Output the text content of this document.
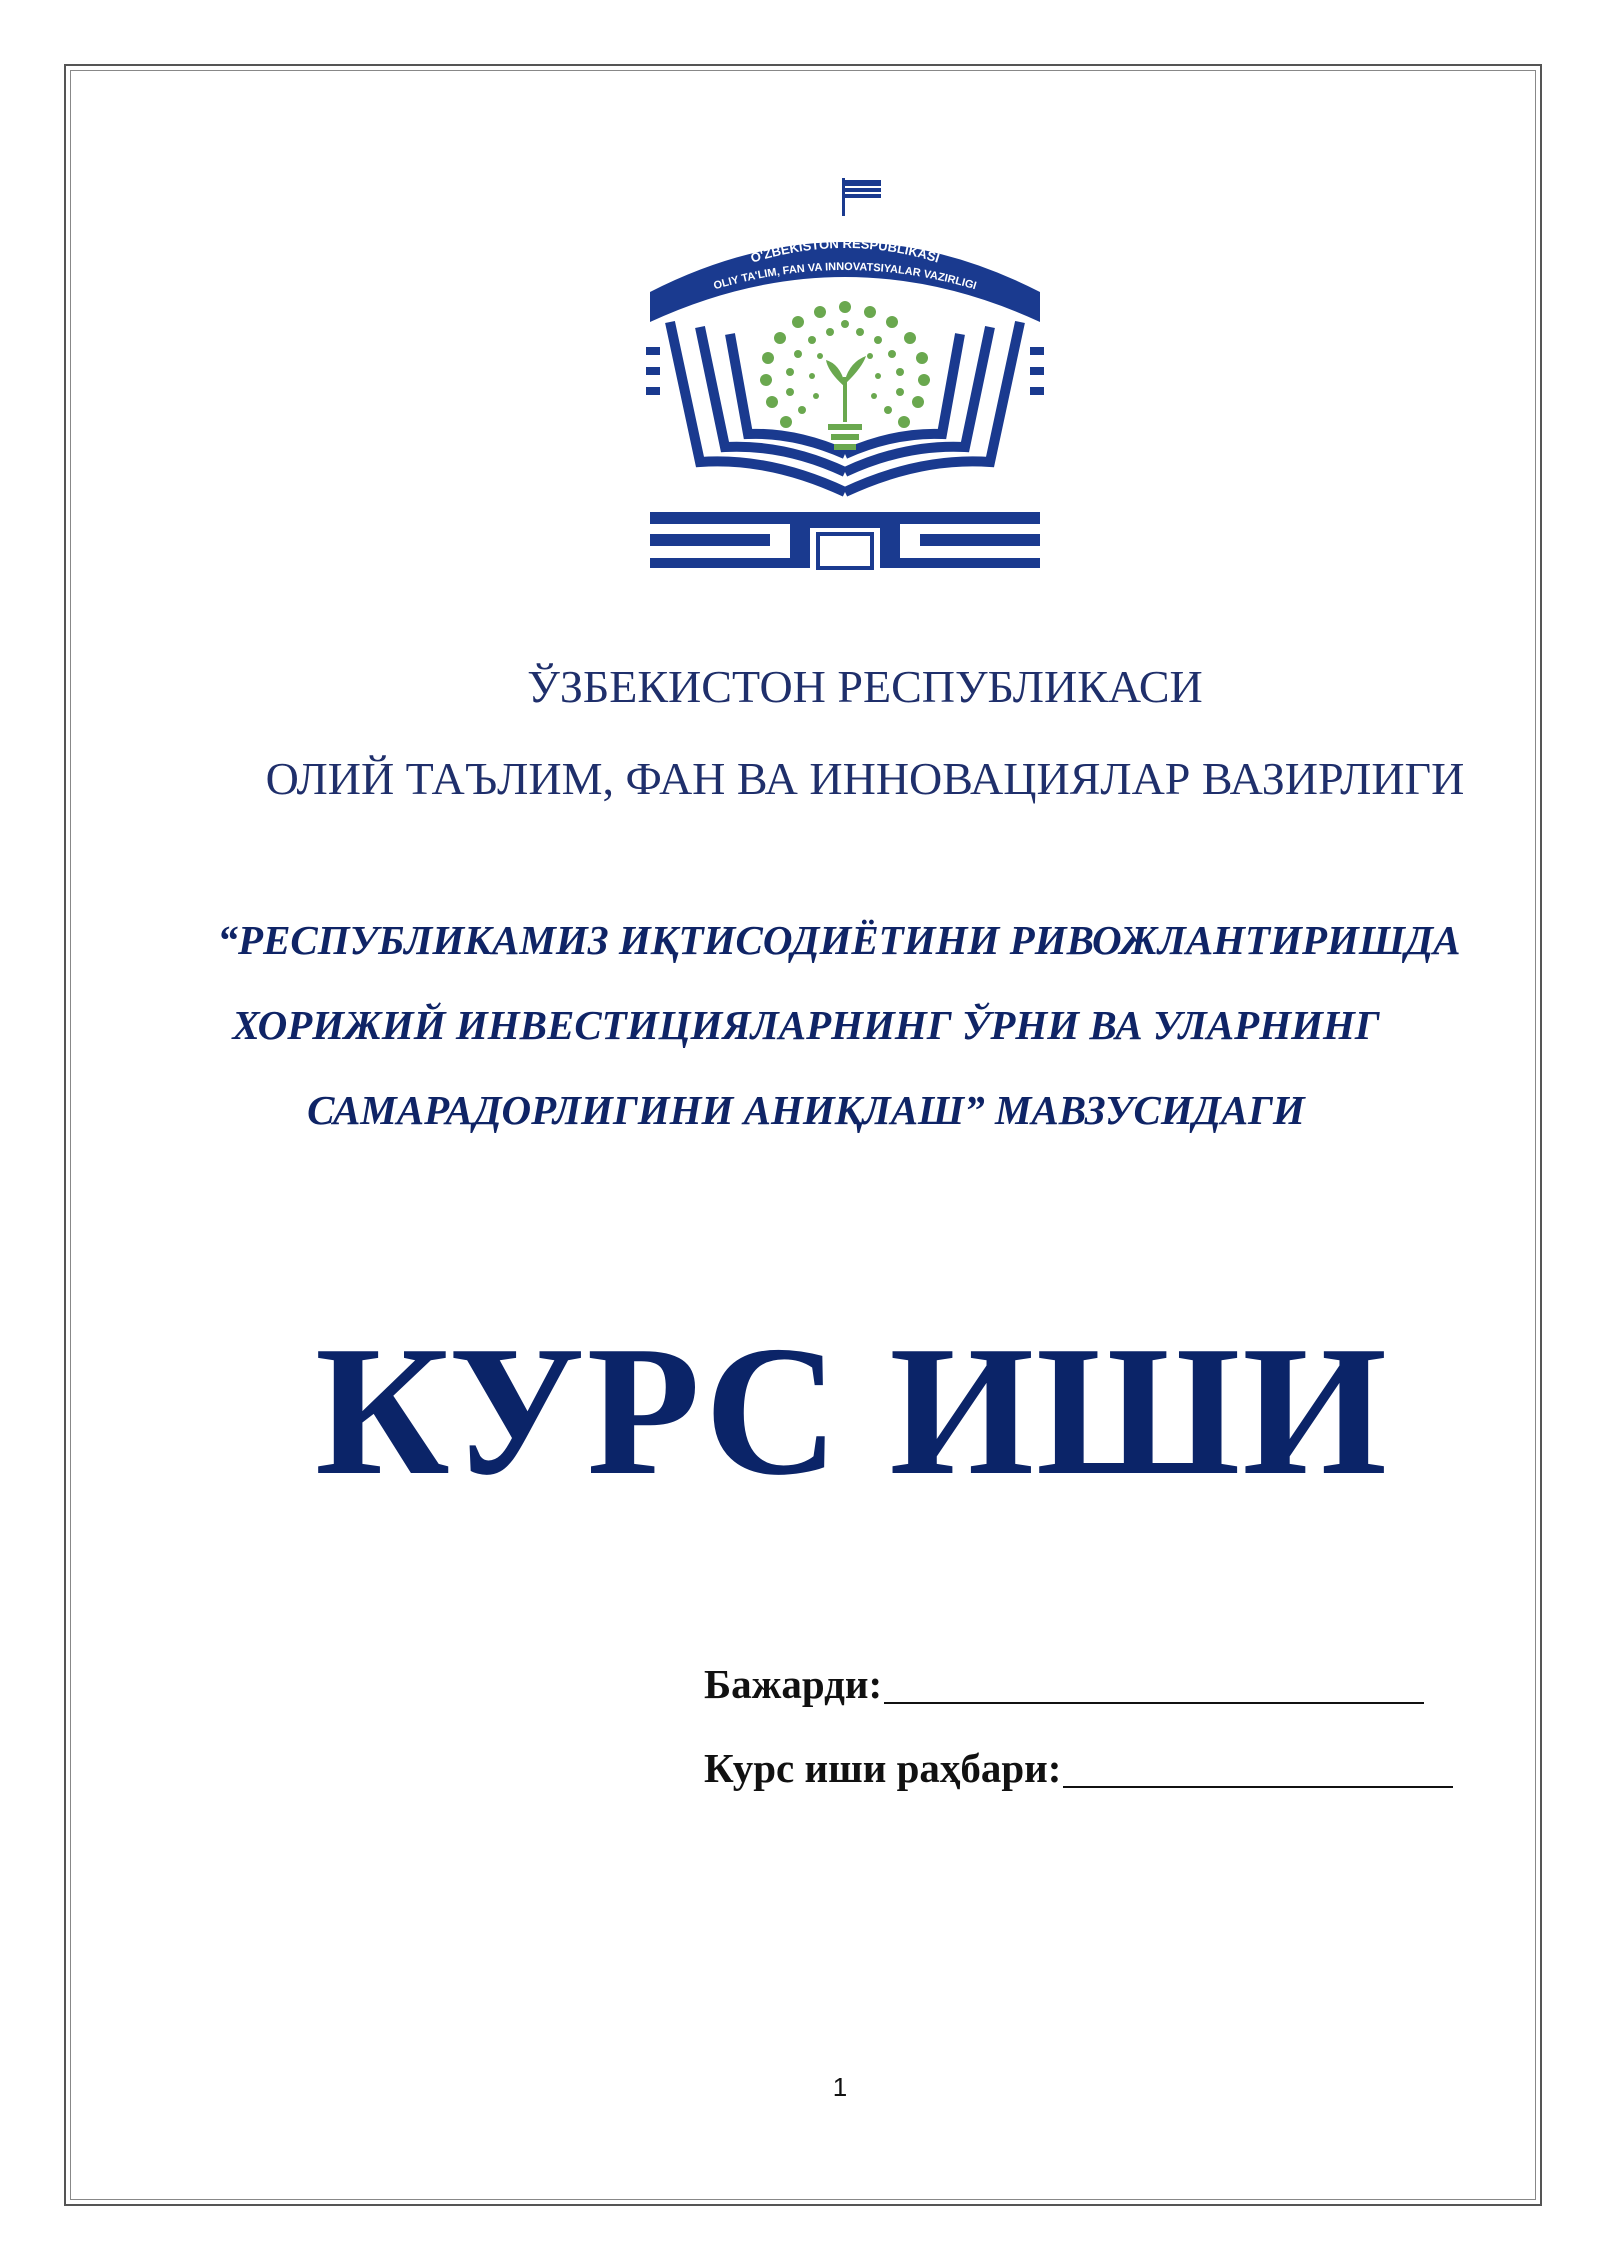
O'ZBEKISTON RESPUBLIKASI
OLIY TA'LIM, FAN VA INNOVATSIYALAR VAZIRLIGI
ЎЗБЕКИСТОН РЕСПУБЛИКАСИ
ОЛИЙ ТАЪЛИМ, ФАН ВА ИННОВАЦИЯЛАР ВАЗИРЛИГИ
“РЕСПУБЛИКАМИЗ ИҚТИСОДИЁТИНИ РИВОЖЛАНТИРИШДА
ХОРИЖИЙ ИНВЕСТИЦИЯЛАРНИНГ ЎРНИ ВА УЛАРНИНГ
САМАРАДОРЛИГИНИ АНИҚЛАШ” МАВЗУСИДАГИ
КУРС ИШИ
Бажарди:
Курс иши раҳбари:
1
